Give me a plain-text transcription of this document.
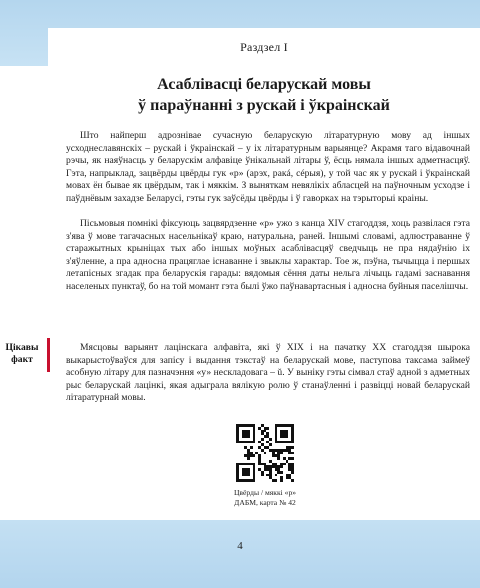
Раздзел І
Асаблівасці беларускай мовы
ў параўнанні з рускай і ўкраінскай

Што найперш адрознівае сучасную беларускую літаратурную мову ад іншых усходнеславянскіх – рускай і ўкраінскай – у іх літаратурным варыянце? Акрамя таго відавочнай рэчы, як наяўнасць у беларускім алфавіце ўнікальнай літары ў, ёсць нямала іншых адметнасцяў. Гэта, напрыклад, зацвёрды цвёрды гук «р» (арэх, ракá, сéрыя), у той час як у рускай і ўкраінскай мовах ён бывае як цвёрдым, так і мяккім. З выняткам невялікіх абласцей на паўночным усходзе і паўднёвым захадзе Беларусі, гэты гук заўсёды цвёрды і ў гаворках на тэрыторыі краіны.

Пісьмовыя помнікі фіксуюць зацвярдзенне «р» ужо з канца XIV стагоддзя, хоць развілася гэта з'ява ў мове тагачасных насельнікаў краю, натуральна, раней. Іншымі словамі, адлюстраванне ў старажытных крыніцах тых або іншых моўных асаблівасцяў сведчыць не пра нядаўнію іх з'яўленне, а пра адносна працяглае існаванне і звыклы характар. Тое ж, пэўна, тычыцца і першых летапісных згадак пра беларускія гарады: вядомыя сёння даты нельга лічыць гадамі заснавання населеных пунктаў, бо на той момант гэта былі ўжо паўнавартасныя і адносна буйныя паселішчы.

Цікавы
факт

Мясцовы варыянт лацінскага алфавіта, які ў XIX і на пачатку XX стагоддзя шырока выкарыстоўваўся для запісу і выдання тэкстаў на беларускай мове, паступова таксама займеў асобную літару для пазначэння «у» нескладовага – ŭ. У выніку гэты сімвал стаў адной з адметных рыс беларускай лацінкі, якая адыграла вялікую ролю ў станаўленні і развіцці новай беларускай літаратурнай мовы.

Цвёрды / мяккі «р»
ДАБМ, карта № 42
4
